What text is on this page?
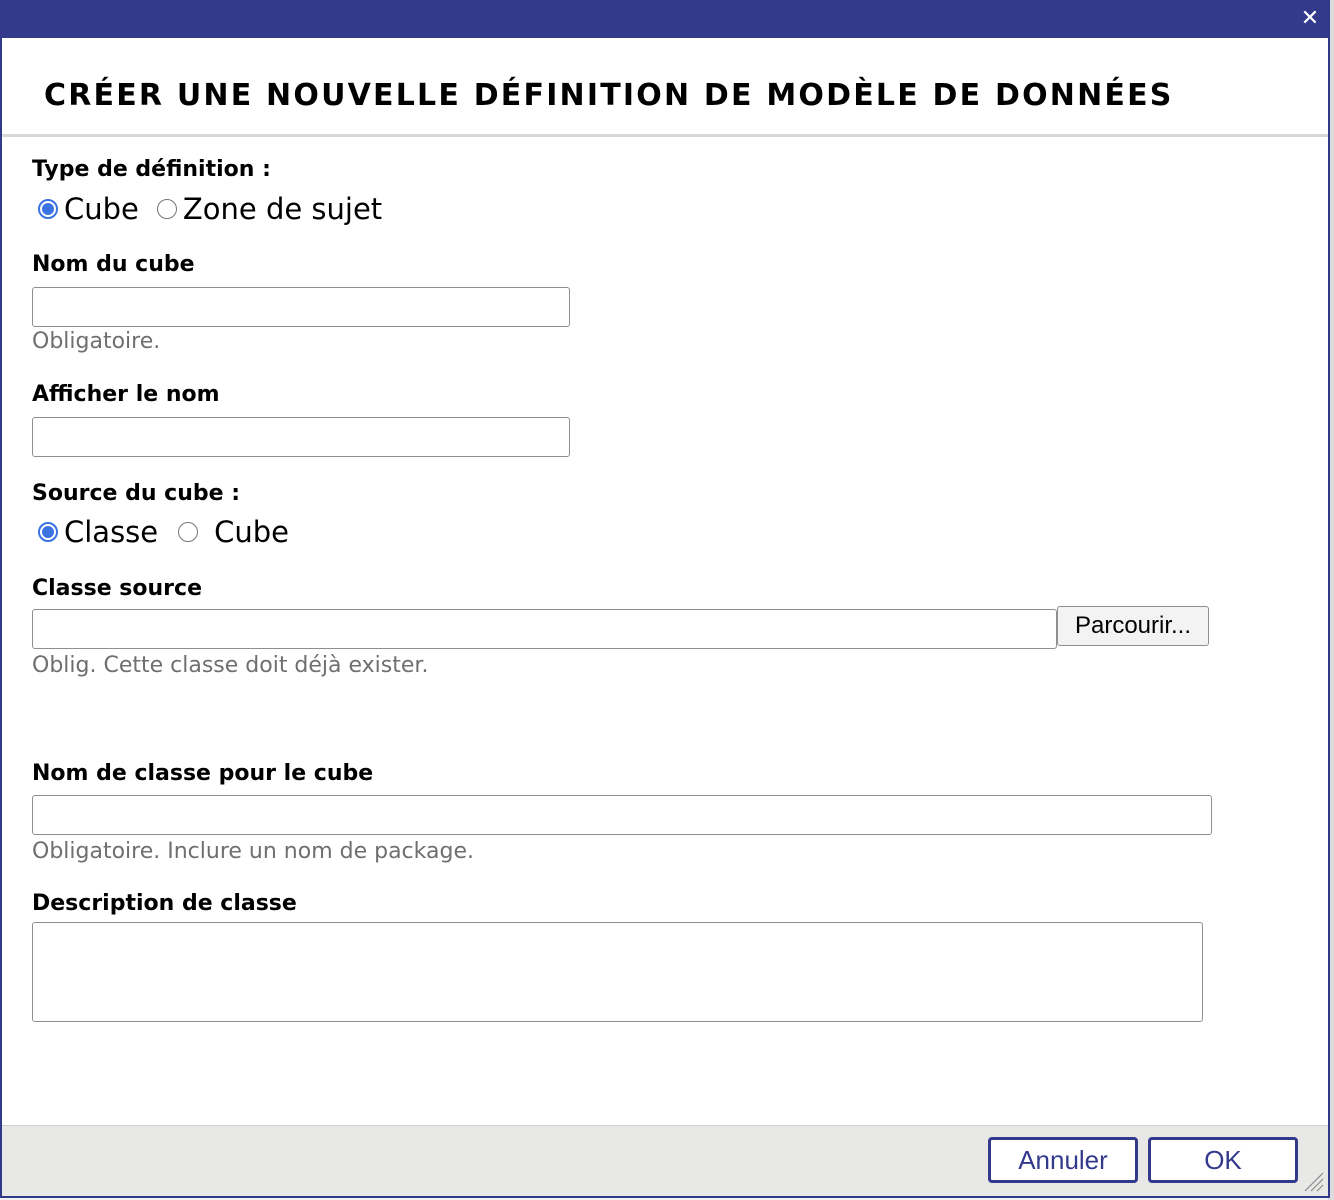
✕
CRÉER UNE NOUVELLE DÉFINITION DE MODÈLE DE DONNÉES
Type de définition :
Cube Zone de sujet
Nom du cube
Obligatoire.
Afficher le nom
Source du cube :
Classe Cube
Classe source
Parcourir...
Oblig. Cette classe doit déjà exister.
Nom de classe pour le cube
Obligatoire. Inclure un nom de package.
Description de classe
Annuler	OK
